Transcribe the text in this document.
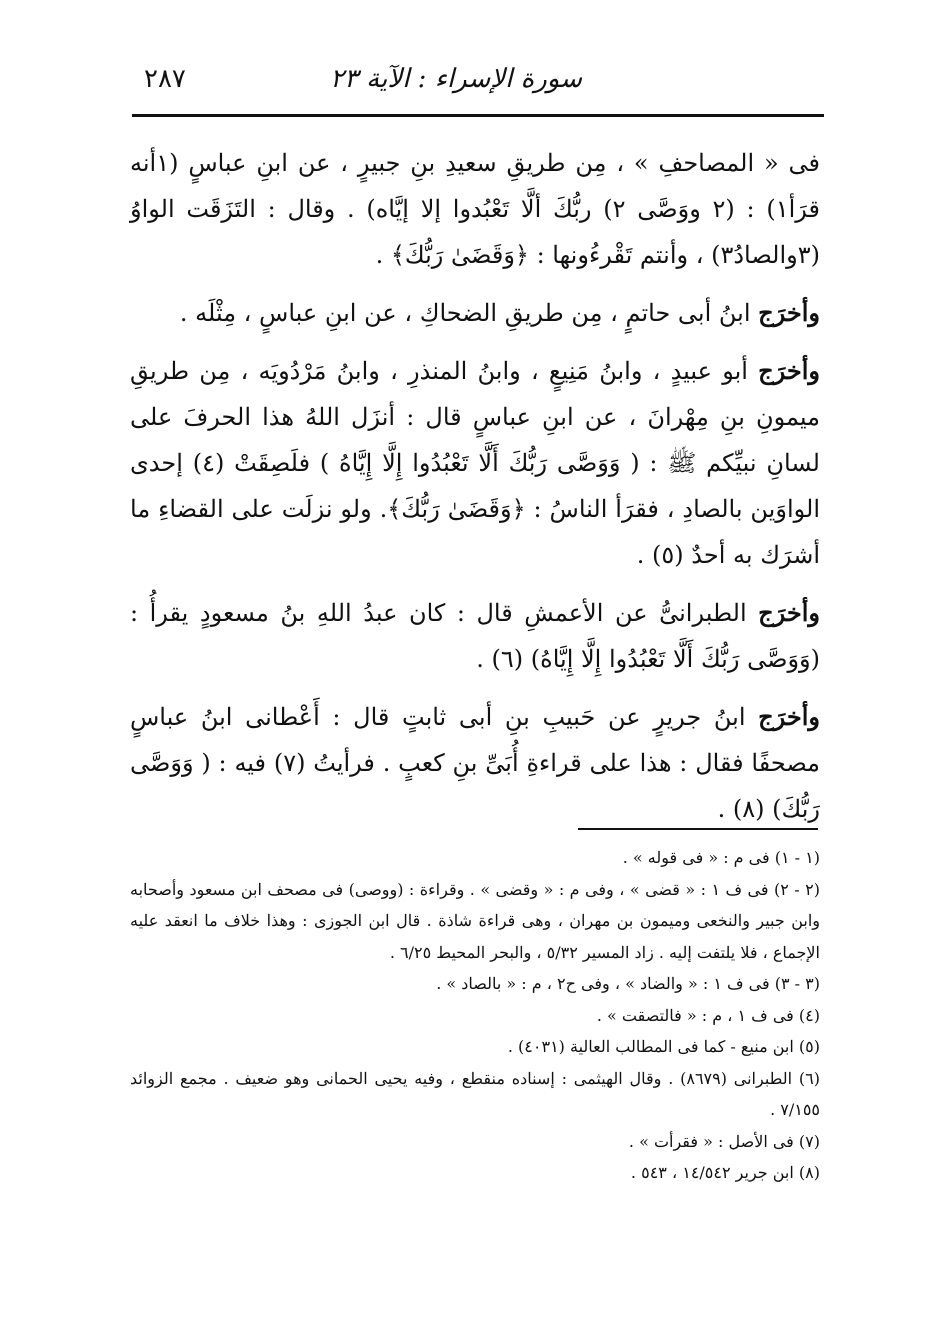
سورة الإسراء : الآية ٢٣
٢٨٧

فى « المصاحفِ » ، مِن طريقِ سعيدِ بنِ جبيرٍ ، عن ابنِ عباسٍ (١أنه قرَأ١) : (٢ ووَصَّى ٢) ربُّكَ ألَّا تَعْبُدوا إلا إيَّاه) . وقال : التَزَقَت الواوُ (٣والصادُ٣) ، وأنتم تَقْرءُونها : ﴿وَقَضَىٰ رَبُّكَ﴾ .

وأخرَج ابنُ أبى حاتمٍ ، مِن طريقِ الضحاكِ ، عن ابنِ عباسٍ ، مِثْلَه .

وأخرَج أبو عبيدٍ ، وابنُ مَنِيعٍ ، وابنُ المنذرِ ، وابنُ مَرْدُويَه ، مِن طريقِ ميمونِ بنِ مِهْرانَ ، عن ابنِ عباسٍ قال : أنزَل اللهُ هذا الحرفَ على لسانِ نبيِّكم ﷺ : ( وَوَصَّى رَبُّكَ أَلَّا تَعْبُدُوا إِلَّا إِيَّاهُ ) فلَصِقَتْ (٤) إحدى الواوَين بالصادِ ، فقرَأ الناسُ : ﴿وَقَضَىٰ رَبُّكَ﴾. ولو نزلَت على القضاءِ ما أشرَك به أحدٌ (٥) .

وأخرَج الطبرانىُّ عن الأعمشِ قال : كان عبدُ اللهِ بنُ مسعودٍ يقرأُ : (وَوَصَّى رَبُّكَ أَلَّا تَعْبُدُوا إِلَّا إِيَّاهُ) (٦) .

وأخرَج ابنُ جريرٍ عن حَبيبِ بنِ أبى ثابتٍ قال : أَعْطانى ابنُ عباسٍ مصحفًا فقال : هذا على قراءةِ أُبَىِّ بنِ كعبٍ . فرأيتُ (٧) فيه : ( وَوَصَّى رَبُّكَ) (٨) .

(١ - ١) فى م : « فى قوله » .

(٢ - ٢) فى ف ١ : « قضى » ، وفى م : « وقضى » . وقراءة : (ووصى) فى مصحف ابن مسعود وأصحابه وابن جبير والنخعى وميمون بن مهران ، وهى قراءة شاذة . قال ابن الجوزى : وهذا خلاف ما انعقد عليه الإجماع ، فلا يلتفت إليه . زاد المسير ٥/٣٢ ، والبحر المحيط ٦/٢٥ .

(٣ - ٣) فى ف ١ : « والضاد » ، وفى ح٢ ، م : « بالصاد » .

(٤) فى ف ١ ، م : « فالتصقت » .

(٥) ابن منيع - كما فى المطالب العالية (٤٠٣١) .

(٦) الطبرانى (٨٦٧٩) . وقال الهيثمى : إسناده منقطع ، وفيه يحيى الحمانى وهو ضعيف . مجمع الزوائد ٧/١٥٥ .

(٧) فى الأصل : « فقرأت » .

(٨) ابن جرير ١٤/٥٤٢ ، ٥٤٣ .
